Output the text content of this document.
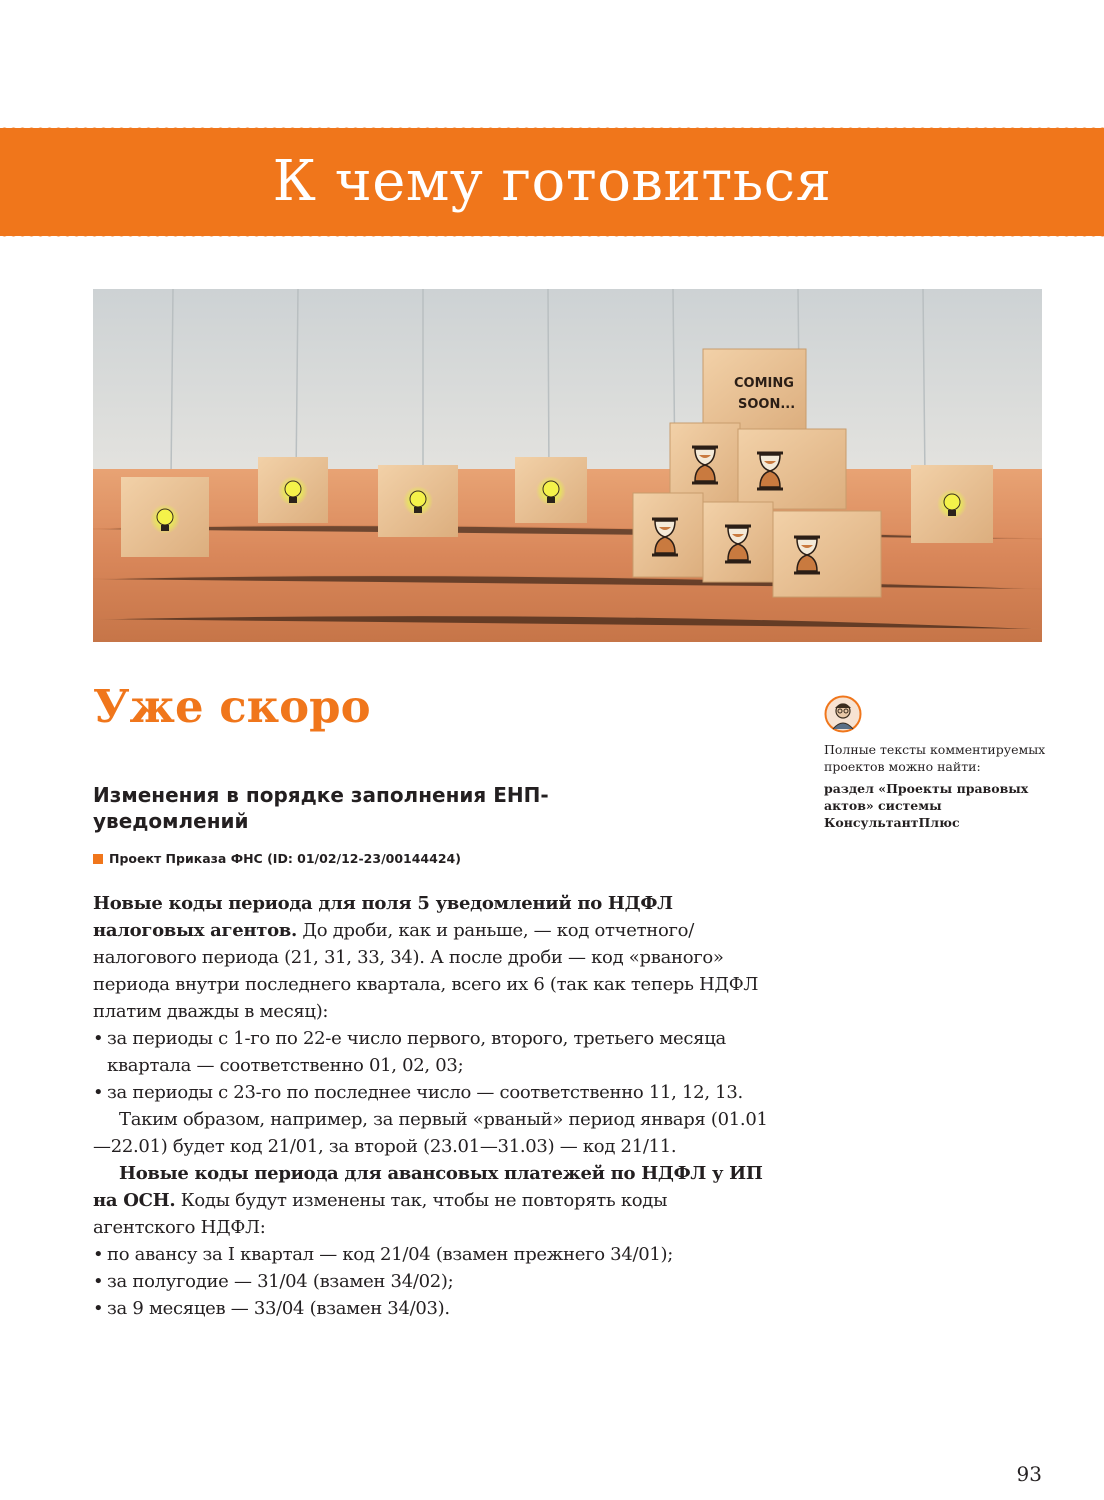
К чему готовиться
COMING
SOON...
Уже скоро
Изменения в порядке заполнения ЕНП-уведомлений
Проект Приказа ФНС (ID: 01/02/12-23/00144424)

Новые коды периода для поля 5 уведомлений по НДФЛ налоговых агентов. До дроби, как и раньше, — код отчетного/налогового периода (21, 31, 33, 34). А после дроби — код «рваного» периода внутри последнего квартала, всего их 6 (так как теперь НДФЛ платим дважды в месяц):

• за периоды с 1-го по 22-е число первого, второго, третьего месяца квартала — соответственно 01, 02, 03;
• за периоды с 23-го по последнее число — соответственно 11, 12, 13.

Таким образом, например, за первый «рваный» период января (01.01—22.01) будет код 21/01, за второй (23.01—31.03) — код 21/11.

Новые коды периода для авансовых платежей по НДФЛ у ИП на ОСН. Коды будут изменены так, чтобы не повторять коды агентского НДФЛ:

• по авансу за I квартал — код 21/04 (взамен прежнего 34/01);
• за полугодие — 31/04 (взамен 34/02);
• за 9 месяцев — 33/04 (взамен 34/03).

Полные тексты комментируемых проектов можно найти:

раздел «Проекты правовых актов» системы КонсультантПлюс

93
